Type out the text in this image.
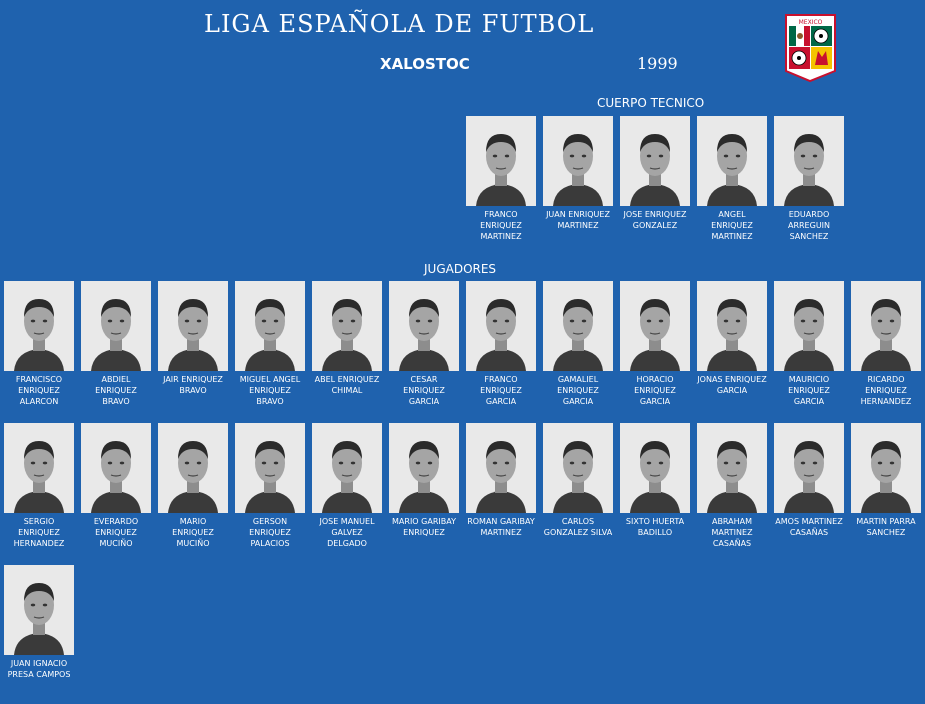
LIGA ESPAÑOLA DE FUTBOL
XALOSTOC	1999
MEXICO
CUERPO TECNICO
JUGADORES
FRANCO ENRIQUEZ MARTINEZ
JUAN ENRIQUEZ MARTINEZ
JOSE ENRIQUEZ GONZALEZ
ANGEL ENRIQUEZ MARTINEZ
EDUARDO ARREGUIN SANCHEZ
FRANCISCO ENRIQUEZ ALARCON
ABDIEL ENRIQUEZ BRAVO
JAIR ENRIQUEZ BRAVO
MIGUEL ANGEL ENRIQUEZ BRAVO
ABEL ENRIQUEZ CHIMAL
CESAR ENRIQUEZ GARCIA
FRANCO ENRIQUEZ GARCIA
GAMALIEL ENRIQUEZ GARCIA
HORACIO ENRIQUEZ GARCIA
JONAS ENRIQUEZ GARCIA
MAURICIO ENRIQUEZ GARCIA
RICARDO ENRIQUEZ HERNANDEZ
SERGIO ENRIQUEZ HERNANDEZ
EVERARDO ENRIQUEZ MUCIÑO
MARIO ENRIQUEZ MUCIÑO
GERSON ENRIQUEZ PALACIOS
JOSE MANUEL GALVEZ DELGADO
MARIO GARIBAY ENRIQUEZ
ROMAN GARIBAY MARTINEZ
CARLOS GONZALEZ SILVA
SIXTO HUERTA BADILLO
ABRAHAM MARTINEZ CASAÑAS
AMOS MARTINEZ CASAÑAS
MARTIN PARRA SANCHEZ
JUAN IGNACIO PRESA CAMPOS
